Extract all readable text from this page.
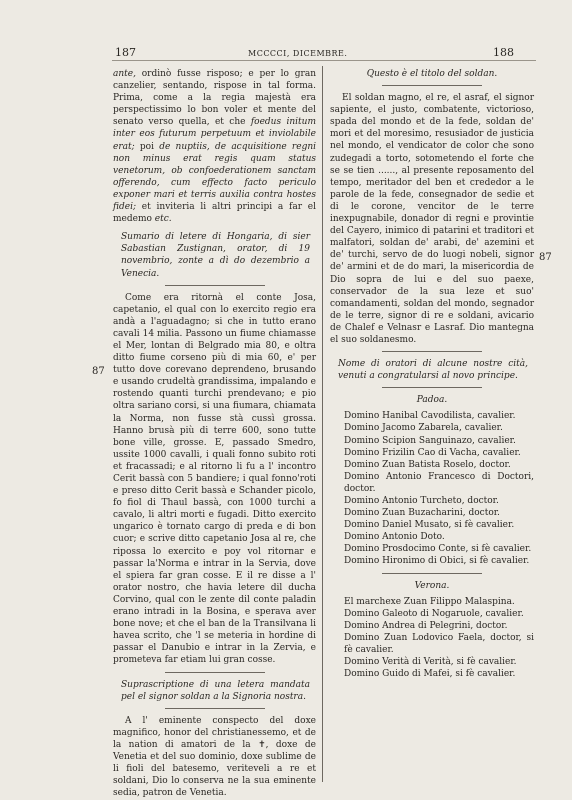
187	MCCCCI, DICEMBRE.	188
87
87

ante, ordinò fusse risposo; e per lo gran canzelier, sentando, rispose in tal forma. Prima, come a la regia majestà era perspectissimo lo bon voler et mente del senato verso quella, et che foedus initum inter eos futurum perpetuum et inviolabile erat; poi de nuptiis, de acquisitione regni non minus erat regis quam status venetorum, ob confoederationem sanctam offerendo, cum effecto facto periculo exponer mari et terris auxilia contra hostes fidei; et inviteria li altri principi a far el medemo etc.

Sumario di letere di Hongaria, di sier Sabastian Zustignan, orator, di 19 novembrio, zonte a dì do dezembrio a Venecia.

Come era ritornà el conte Josa, capetanio, el qual con lo exercito regio era andà a l'aguadagno; si che in tutto erano cavali 14 milia. Passono un fiume chiamasse el Mer, lontan di Belgrado mia 80, e oltra ditto fiume corseno più di mia 60, e' per tutto dove corevano deprendeno, brusando e usando crudeltà grandissima, impalando e rostendo quanti turchi prendevano; e pio oltra sariano corsi, si una fiumara, chiamata la Norma, non fusse stà cussì grossa. Hanno brusà più di terre 600, sono tutte bone ville, grosse. E, passado Smedro, ussite 1000 cavalli, i quali fonno subito roti et fracassadi; e al ritorno li fu a l' incontro Cerit bassà con 5 bandiere; i qual fonno'roti e preso ditto Cerit bassà e Schander picolo, fo fiol di Thaul bassà, con 1000 turchi a cavalo, li altri morti e fugadi. Ditto exercito ungarico è tornato cargo di preda e di bon cuor; e scrive ditto capetanio Josa al re, che ripossa lo exercito e poy vol ritornar e passar la'Norma e intrar in la Servia, dove el spiera far gran cosse. E il re disse a l' orator nostro, che havia letere dil ducha Corvino, qual con le zente dil conte paladin erano intradi in la Bosina, e sperava aver bone nove; et che el ban de la Transilvana li havea scrito, che 'l se meteria in hordine di passar el Danubio e intrar in la Zervia, e prometeva far etiam lui gran cosse.

Suprascriptione di una letera mandata pel el signor soldan a la Signoria nostra.

A l' eminente conspecto del doxe magnifico, honor del christianessemo, et de la nation di amatori de la ✝, doxe de Venetia et del suo dominio, doxe sublime de li fioli del batesemo, veriteveli a re et soldani, Dio lo conserva ne la sua eminente sedia, patron de Venetia.

Questo è el titolo del soldan.

El soldan magno, el re, el asraf, el signor sapiente, el justo, combatente, victorioso, spada del mondo et de la fede, soldan de' mori et del moresimo, resusiador de justicia nel mondo, el vendicator de color che sono zudegadi a torto, sotometendo el forte che se se tien ......, al presente reposamento del tempo, meritador del ben et crededor a le parole de la fede, consegnador de sedie et di le corone, vencitor de le terre inexpugnabile, donador di regni e provintie del Cayero, inimico di patarini et traditori et malfatori, soldan de' arabi, de' azemini et de' turchi, servo de do luogi nobeli, signor de' armini et de do mari, la misericordia de Dio sopra de lui e del suo paexe, conservador de la sua leze et suo' comandamenti, soldan del mondo, segnador de le terre, signor di re e soldani, avicario de Chalef e Velnasr e Lasraf. Dio mantegna el suo soldanesmo.

Nome di oratori di alcune nostre cità, venuti a congratularsi al novo principe.

Padoa.

Domino Hanibal Cavodilista, cavalier.

Domino Jacomo Zabarela, cavalier.

Domino Scipion Sanguinazo, cavalier.

Domino Frizilin Cao di Vacha, cavalier.

Domino Zuan Batista Roselo, doctor.

Domino Antonio Francesco di Doctori, doctor.

Domino Antonio Turcheto, doctor.

Domino Zuan Buzacharini, doctor.

Domino Daniel Musato, si fè cavalier.

Domino Antonio Doto.

Domino Prosdocimo Conte, si fè cavalier.

Domino Hironimo di Obici, si fè cavalier.

Verona.

El marchexe Zuan Filippo Malaspina.

Domino Galeoto di Nogaruole, cavalier.

Domino Andrea di Pelegrini, doctor.

Domino Zuan Lodovico Faela, doctor, si fè cavalier.

Domino Verità di Verità, si fè cavalier.

Domino Guido di Mafei, si fè cavalier.
